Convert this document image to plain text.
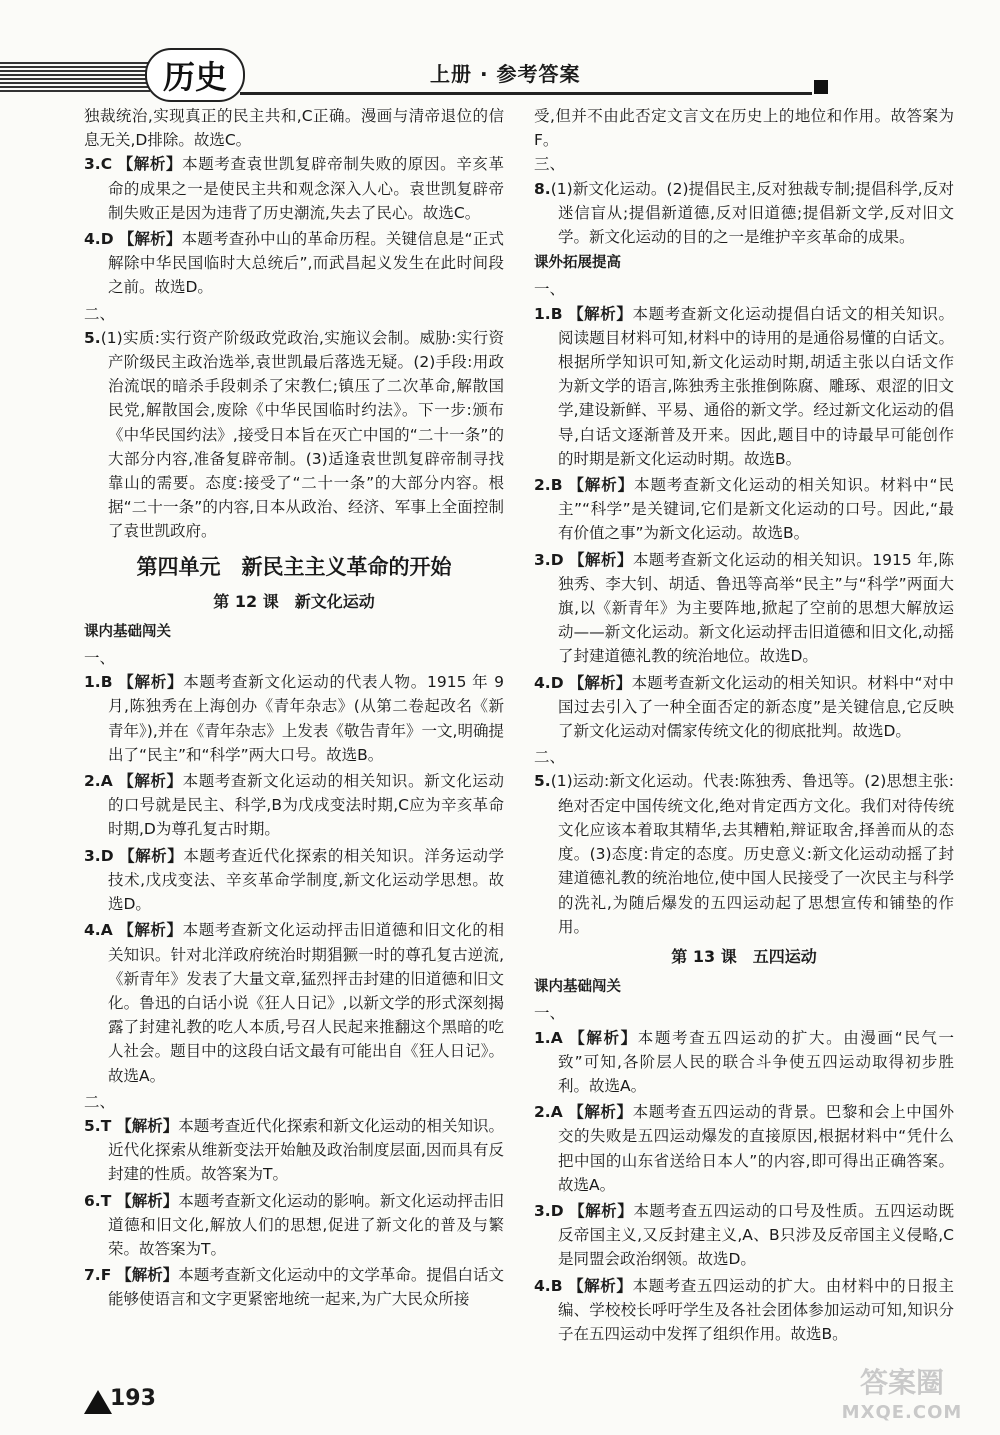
历史	上册 · 参考答案

独裁统治,实现真正的民主共和,C正确。漫画与清帝退位的信息无关,D排除。故选C。

3.C 【解析】本题考查袁世凯复辟帝制失败的原因。辛亥革命的成果之一是使民主共和观念深入人心。袁世凯复辟帝制失败正是因为违背了历史潮流,失去了民心。故选C。

4.D 【解析】本题考查孙中山的革命历程。关键信息是“正式解除中华民国临时大总统后”,而武昌起义发生在此时间段之前。故选D。

二、

5.(1)实质:实行资产阶级政党政治,实施议会制。威胁:实行资产阶级民主政治选举,袁世凯最后落选无疑。(2)手段:用政治流氓的暗杀手段刺杀了宋教仁;镇压了二次革命,解散国民党,解散国会,废除《中华民国临时约法》。下一步:颁布《中华民国约法》,接受日本旨在灭亡中国的“二十一条”的大部分内容,准备复辟帝制。(3)适逢袁世凯复辟帝制寻找靠山的需要。态度:接受了“二十一条”的大部分内容。根据“二十一条”的内容,日本从政治、经济、军事上全面控制了袁世凯政府。

第四单元　新民主主义革命的开始

第 12 课　新文化运动

课内基础闯关

一、

1.B 【解析】本题考查新文化运动的代表人物。1915 年 9 月,陈独秀在上海创办《青年杂志》(从第二卷起改名《新青年》),并在《青年杂志》上发表《敬告青年》一文,明确提出了“民主”和“科学”两大口号。故选B。

2.A 【解析】本题考查新文化运动的相关知识。新文化运动的口号就是民主、科学,B为戊戌变法时期,C应为辛亥革命时期,D为尊孔复古时期。

3.D 【解析】本题考查近代化探索的相关知识。洋务运动学技术,戊戌变法、辛亥革命学制度,新文化运动学思想。故选D。

4.A 【解析】本题考查新文化运动抨击旧道德和旧文化的相关知识。针对北洋政府统治时期猖獗一时的尊孔复古逆流,《新青年》发表了大量文章,猛烈抨击封建的旧道德和旧文化。鲁迅的白话小说《狂人日记》,以新文学的形式深刻揭露了封建礼教的吃人本质,号召人民起来推翻这个黑暗的吃人社会。题目中的这段白话文最有可能出自《狂人日记》。故选A。

二、

5.T 【解析】本题考查近代化探索和新文化运动的相关知识。近代化探索从维新变法开始触及政治制度层面,因而具有反封建的性质。故答案为T。

6.T 【解析】本题考查新文化运动的影响。新文化运动抨击旧道德和旧文化,解放人们的思想,促进了新文化的普及与繁荣。故答案为T。

7.F 【解析】本题考查新文化运动中的文学革命。提倡白话文能够使语言和文字更紧密地统一起来,为广大民众所接

受,但并不由此否定文言文在历史上的地位和作用。故答案为F。

三、

8.(1)新文化运动。(2)提倡民主,反对独裁专制;提倡科学,反对迷信盲从;提倡新道德,反对旧道德;提倡新文学,反对旧文学。新文化运动的目的之一是维护辛亥革命的成果。

课外拓展提高

一、

1.B 【解析】本题考查新文化运动提倡白话文的相关知识。阅读题目材料可知,材料中的诗用的是通俗易懂的白话文。根据所学知识可知,新文化运动时期,胡适主张以白话文作为新文学的语言,陈独秀主张推倒陈腐、雕琢、艰涩的旧文学,建设新鲜、平易、通俗的新文学。经过新文化运动的倡导,白话文逐渐普及开来。因此,题目中的诗最早可能创作的时期是新文化运动时期。故选B。

2.B 【解析】本题考查新文化运动的相关知识。材料中“民主”“科学”是关键词,它们是新文化运动的口号。因此,“最有价值之事”为新文化运动。故选B。

3.D 【解析】本题考查新文化运动的相关知识。1915 年,陈独秀、李大钊、胡适、鲁迅等高举“民主”与“科学”两面大旗,以《新青年》为主要阵地,掀起了空前的思想大解放运动——新文化运动。新文化运动抨击旧道德和旧文化,动摇了封建道德礼教的统治地位。故选D。

4.D 【解析】本题考查新文化运动的相关知识。材料中“对中国过去引入了一种全面否定的新态度”是关键信息,它反映了新文化运动对儒家传统文化的彻底批判。故选D。

二、

5.(1)运动:新文化运动。代表:陈独秀、鲁迅等。(2)思想主张:绝对否定中国传统文化,绝对肯定西方文化。我们对待传统文化应该本着取其精华,去其糟粕,辩证取舍,择善而从的态度。(3)态度:肯定的态度。历史意义:新文化运动动摇了封建道德礼教的统治地位,使中国人民接受了一次民主与科学的洗礼,为随后爆发的五四运动起了思想宣传和铺垫的作用。

第 13 课　五四运动

课内基础闯关

一、

1.A 【解析】本题考查五四运动的扩大。由漫画“民气一致”可知,各阶层人民的联合斗争使五四运动取得初步胜利。故选A。

2.A 【解析】本题考查五四运动的背景。巴黎和会上中国外交的失败是五四运动爆发的直接原因,根据材料中“凭什么把中国的山东省送给日本人”的内容,即可得出正确答案。故选A。

3.D 【解析】本题考查五四运动的口号及性质。五四运动既反帝国主义,又反封建主义,A、B只涉及反帝国主义侵略,C是同盟会政治纲领。故选D。

4.B 【解析】本题考查五四运动的扩大。由材料中的日报主编、学校校长呼吁学生及各社会团体参加运动可知,知识分子在五四运动中发挥了组织作用。故选B。

193	答案圈
MXQE.COM
